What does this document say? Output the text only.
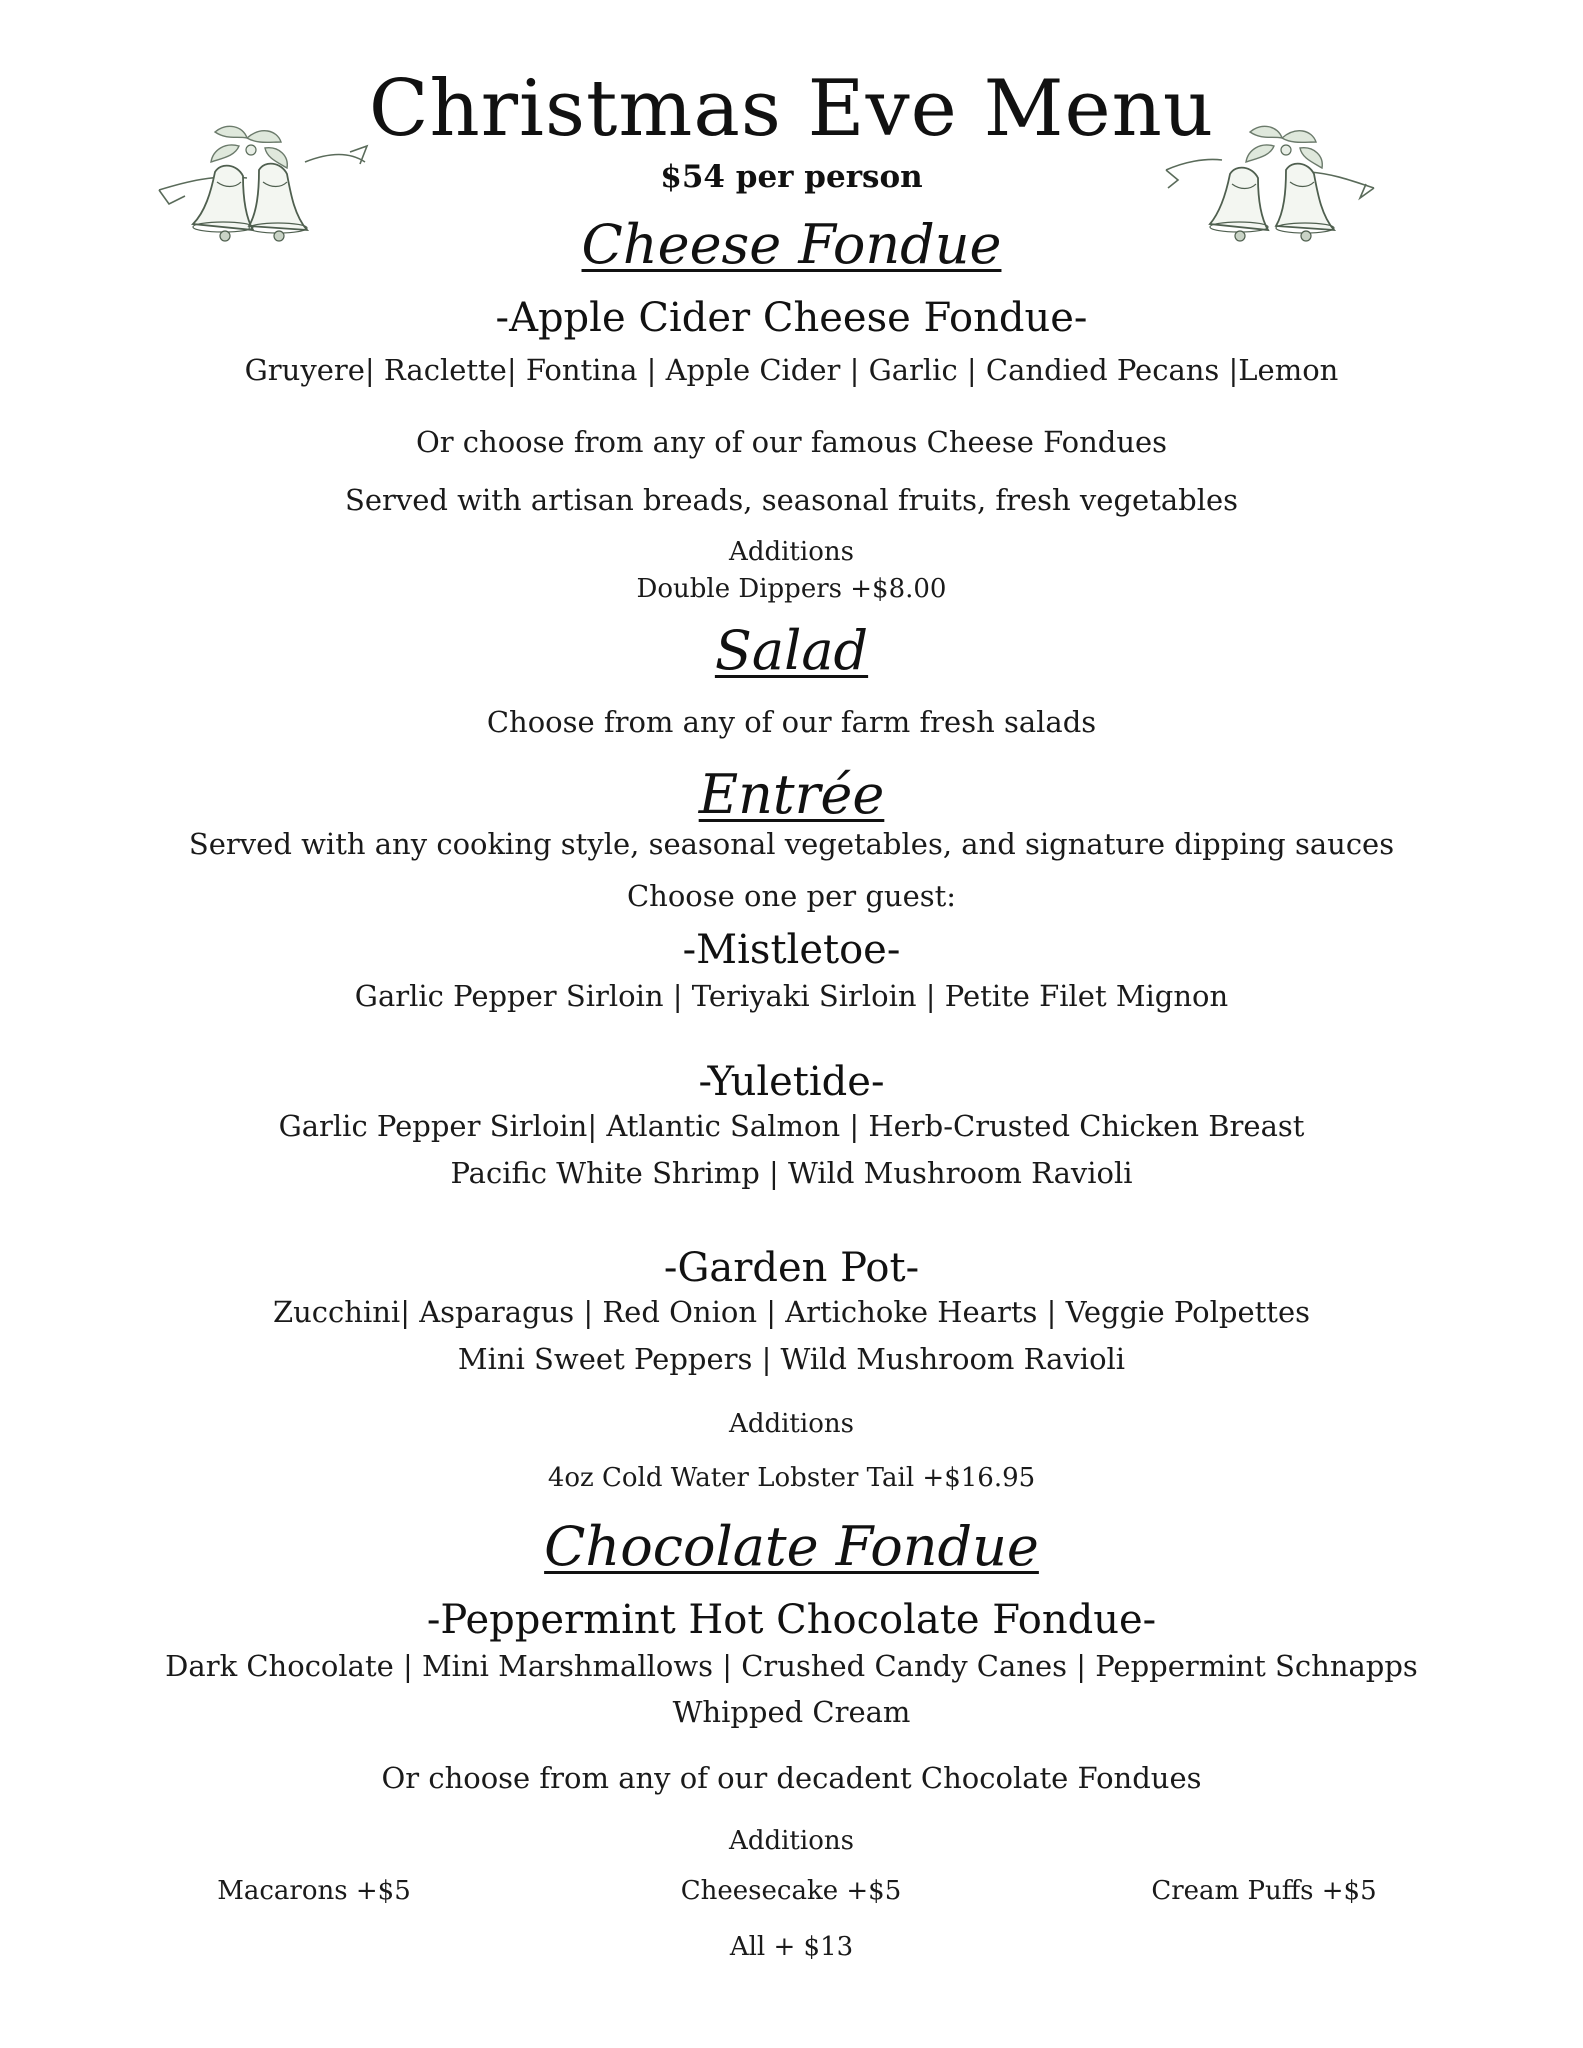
Christmas Eve Menu
$54 per person
Cheese Fondue
-Apple Cider Cheese Fondue-
Gruyere| Raclette| Fontina | Apple Cider | Garlic | Candied Pecans |Lemon
Or choose from any of our famous Cheese Fondues
Served with artisan breads, seasonal fruits, fresh vegetables
Additions
Double Dippers +$8.00
Salad
Choose from any of our farm fresh salads
Entrée
Served with any cooking style, seasonal vegetables, and signature dipping sauces
Choose one per guest:
-Mistletoe-
Garlic Pepper Sirloin | Teriyaki Sirloin | Petite Filet Mignon
-Yuletide-
Garlic Pepper Sirloin| Atlantic Salmon | Herb-Crusted Chicken Breast
Pacific White Shrimp | Wild Mushroom Ravioli
-Garden Pot-
Zucchini| Asparagus | Red Onion | Artichoke Hearts | Veggie Polpettes
Mini Sweet Peppers | Wild Mushroom Ravioli
Additions
4oz Cold Water Lobster Tail +$16.95
Chocolate Fondue
-Peppermint Hot Chocolate Fondue-
Dark Chocolate | Mini Marshmallows | Crushed Candy Canes | Peppermint Schnapps
Whipped Cream
Or choose from any of our decadent Chocolate Fondues
Additions
Macarons +$5	Cheesecake +$5	Cream Puffs +$5
All + $13
